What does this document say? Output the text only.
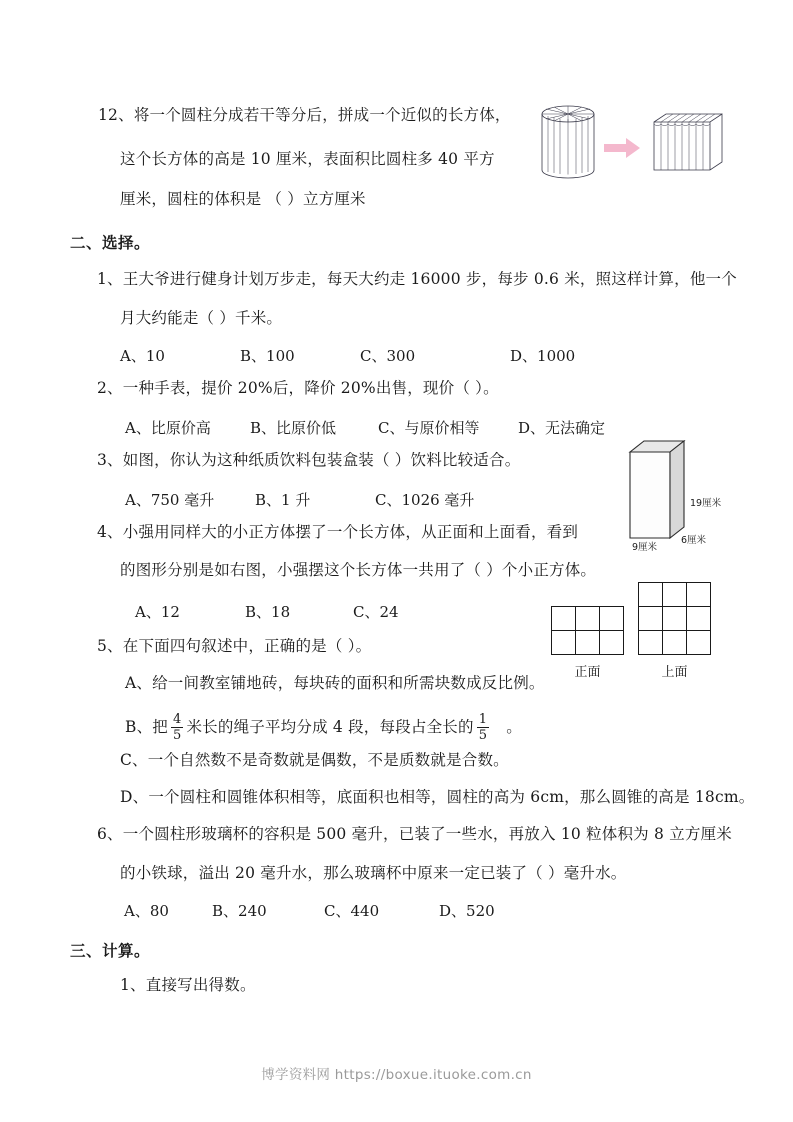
12、将一个圆柱分成若干等分后，拼成一个近似的长方体，
这个长方体的高是 10 厘米，表面积比圆柱多 40 平方
厘米，圆柱的体积是 （ ）立方厘米
二、选择。
1、王大爷进行健身计划万步走，每天大约走 16000 步，每步 0.6 米，照这样计算，他一个
月大约能走（ ）千米。
A、10	B、100	C、300	D、1000
2、一种手表，提价 20%后，降价 20%出售，现价（ ）。
A、比原价高	B、比原价低	C、与原价相等	D、无法确定
3、如图，你认为这种纸质饮料包装盒装（ ）饮料比较适合。
A、750 毫升	B、1 升	C、1026 毫升	19厘米
6厘米
9厘米
4、小强用同样大的小正方体摆了一个长方体，从正面和上面看，看到
的图形分别是如右图，小强摆这个长方体一共用了（ ）个小正方体。
A、12	B、18	C、24
正面	上面
5、在下面四句叙述中，正确的是（ ）。
A、给一间教室铺地砖，每块砖的面积和所需块数成反比例。
B、把 $\frac{4}{5}$ 米长的绳子平均分成 4 段，每段占全长的 $\frac{1}{5}$ 。
C、一个自然数不是奇数就是偶数，不是质数就是合数。
D、一个圆柱和圆锥体积相等，底面积也相等，圆柱的高为 6cm，那么圆锥的高是 18cm。
6、一个圆柱形玻璃杯的容积是 500 毫升，已装了一些水，再放入 10 粒体积为 8 立方厘米
的小铁球，溢出 20 毫升水，那么玻璃杯中原来一定已装了（ ）毫升水。
A、80	B、240	C、440	D、520
三、计算。
1、直接写出得数。
博学资料网 https://boxue.ituoke.com.cn
